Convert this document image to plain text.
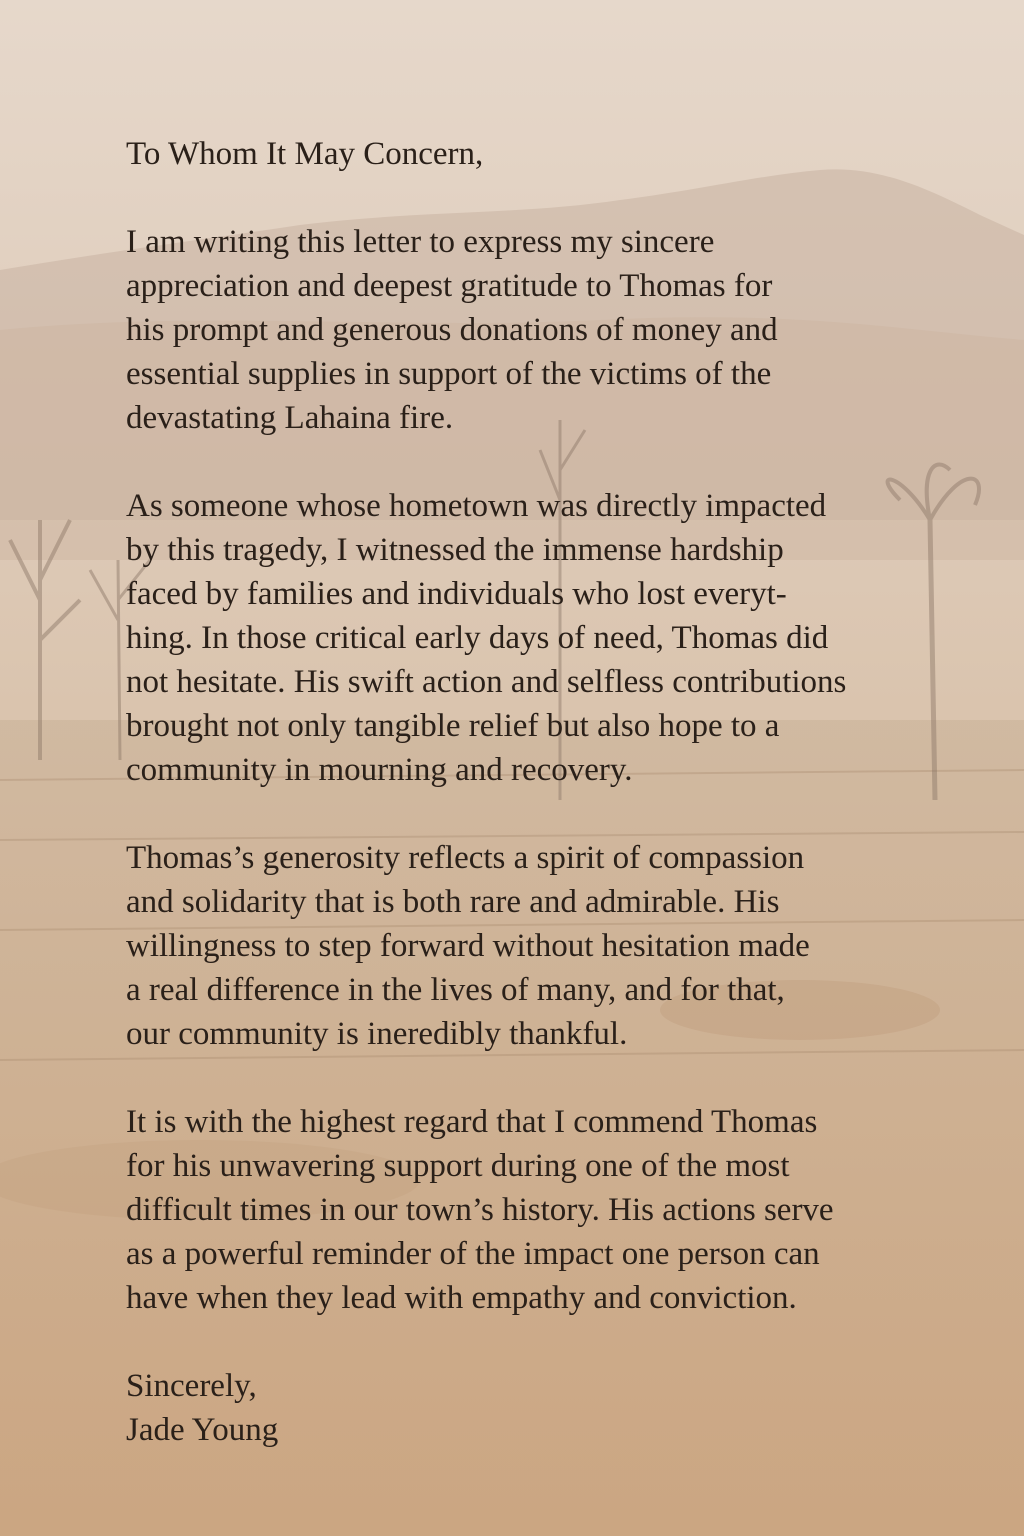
To Whom It May Concern,

I am writing this letter to express my sincere
appreciation and deepest gratitude to Thomas for
his prompt and generous donations of money and
essential supplies in support of the victims of the
devastating Lahaina fire.

As someone whose hometown was directly impacted
by this tragedy, I witnessed the immense hardship
faced by families and individuals who lost everyt-
hing. In those critical early days of need, Thomas did
not hesitate. His swift action and selfless contributions
brought not only tangible relief but also hope to a
community in mourning and recovery.

Thomas’s generosity reflects a spirit of compassion
and solidarity that is both rare and admirable. His
willingness to step forward without hesitation made
a real difference in the lives of many, and for that,
our community is ineredibly thankful.

It is with the highest regard that I commend Thomas
for his unwavering support during one of the most
difficult times in our town’s history. His actions serve
as a powerful reminder of the impact one person can
have when they lead with empathy and conviction.

Sincerely,
Jade Young
